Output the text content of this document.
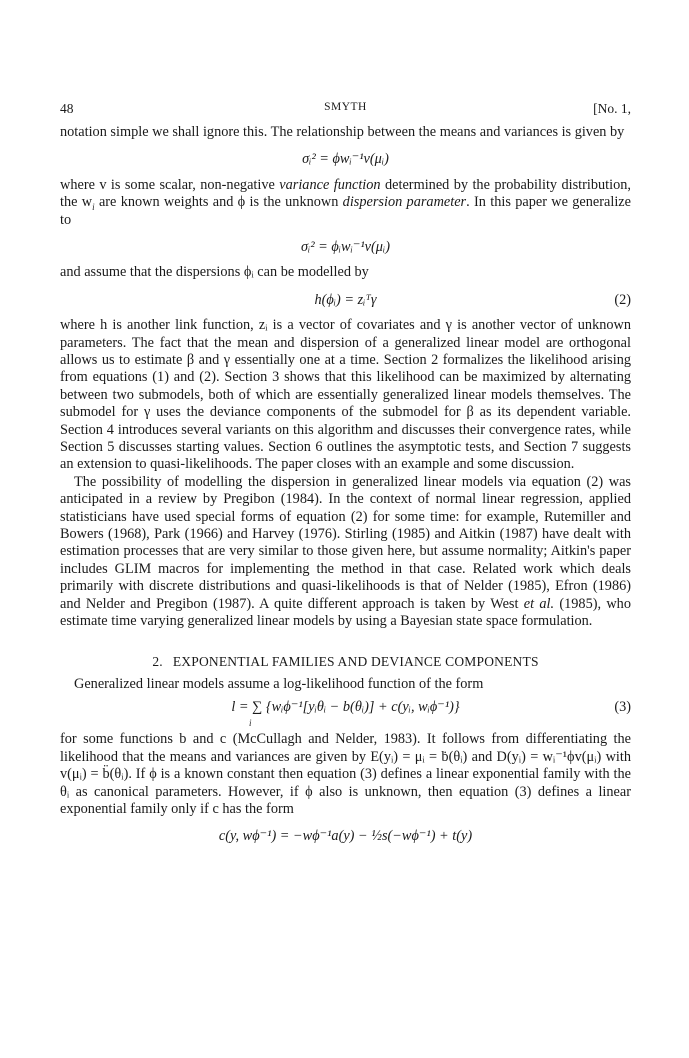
48	SMYTH	[No. 1,

notation simple we shall ignore this. The relationship between the means and variances is given by

σᵢ² = ϕwᵢ⁻¹v(μᵢ)

where v is some scalar, non-negative variance function determined by the probability distribution, the $w_i$ are known weights and ϕ is the unknown dispersion parameter. In this paper we generalize to

σᵢ² = ϕᵢwᵢ⁻¹v(μᵢ)

and assume that the dispersions ϕᵢ can be modelled by

h(ϕᵢ) = zᵢᵀγ	(2)

where h is another link function, zᵢ is a vector of covariates and γ is another vector of unknown parameters. The fact that the mean and dispersion of a generalized linear model are orthogonal allows us to estimate β and γ essentially one at a time. Section 2 formalizes the likelihood arising from equations (1) and (2). Section 3 shows that this likelihood can be maximized by alternating between two submodels, both of which are essentially generalized linear models themselves. The submodel for γ uses the deviance components of the submodel for β as its dependent variable. Section 4 introduces several variants on this algorithm and discusses their convergence rates, while Section 5 discusses starting values. Section 6 outlines the asymptotic tests, and Section 7 suggests an extension to quasi-likelihoods. The paper closes with an example and some discussion.

The possibility of modelling the dispersion in generalized linear models via equation (2) was anticipated in a review by Pregibon (1984). In the context of normal linear regression, applied statisticians have used special forms of equation (2) for some time: for example, Rutemiller and Bowers (1968), Park (1966) and Harvey (1976). Stirling (1985) and Aitkin (1987) have dealt with estimation processes that are very similar to those given here, but assume normality; Aitkin's paper includes GLIM macros for implementing the method in that case. Related work which deals primarily with discrete distributions and quasi-likelihoods is that of Nelder (1985), Efron (1986) and Nelder and Pregibon (1987). A quite different approach is taken by West et al. (1985), who estimate time varying generalized linear models by using a Bayesian state space formulation.

2. EXPONENTIAL FAMILIES AND DEVIANCE COMPONENTS

Generalized linear models assume a log-likelihood function of the form

l = ∑ {wᵢϕ⁻¹[yᵢθᵢ − b(θᵢ)] + c(yᵢ, wᵢϕ⁻¹)}
i
(3)

for some functions b and c (McCullagh and Nelder, 1983). It follows from differentiating the likelihood that the means and variances are given by E(yᵢ) = μᵢ = ḃ(θᵢ) and D(yᵢ) = wᵢ⁻¹ϕv(μᵢ) with v(μᵢ) = b̈(θᵢ). If ϕ is a known constant then equation (3) defines a linear exponential family with the θᵢ as canonical parameters. However, if ϕ also is unknown, then equation (3) defines a linear exponential family only if c has the form

c(y, wϕ⁻¹) = −wϕ⁻¹a(y) − ½s(−wϕ⁻¹) + t(y)
